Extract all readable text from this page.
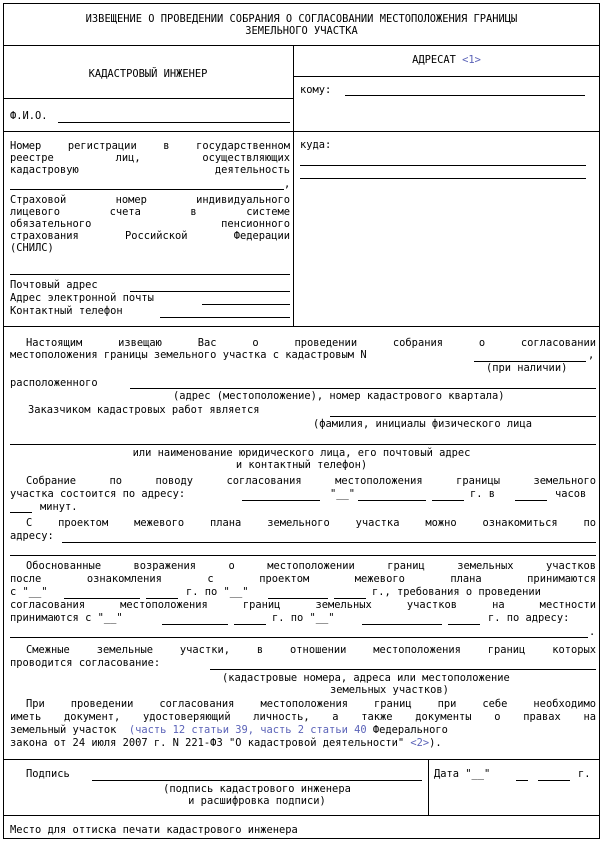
ИЗВЕЩЕНИЕ О ПРОВЕДЕНИИ СОБРАНИЯ О СОГЛАСОВАНИИ МЕСТОПОЛОЖЕНИЯ ГРАНИЦЫ
ЗЕМЕЛЬНОГО УЧАСТКА
КАДАСТРОВЫЙ ИНЖЕНЕР
Ф.И.О.
Номер регистрации в государственном
реестре лиц, осуществляющих
кадастровую деятельность
,
Страховой номер индивидуального
лицевого счета в системе
обязательного пенсионного
страхования Российской Федерации
(СНИЛС)
Почтовый адрес
Адрес электронной почты
Контактный телефон
АДРЕСАТ <1>
кому:
куда:
Настоящим извещаю Вас о проведении собрания о согласовании
местоположения границы земельного участка с кадастровым N	,
(при наличии)
расположенного
(адрес (местоположение), номер кадастрового квартала)
Заказчиком кадастровых работ является
(фамилия, инициалы физического лица
или наименование юридического лица, его почтовый адрес
и контактный телефон)
Собрание по поводу согласования местоположения границы земельного
участка состоится по адресу:	"__"	г. в	часов
минут.
С проектом межевого плана земельного участка можно ознакомиться по
адресу:
Обоснованные возражения о местоположении границ земельных участков
после ознакомления с проектом межевого плана принимаются
с "__"	г. по "__"	г., требования о проведении
согласования местоположения границ земельных участков на местности
принимаются с "__"	г. по "__"	г. по адресу:
.
Смежные земельные участки, в отношении местоположения границ которых
проводится согласование:
(кадастровые номера, адреса или местоположение
земельных участков)
При проведении согласования местоположения границ при себе необходимо
иметь документ, удостоверяющий личность, а также документы о правах на
земельный участок (часть 12 статьи 39, часть 2 статьи 40 Федерального
закона от 24 июля 2007 г. N 221-ФЗ "О кадастровой деятельности" <2>).
Подпись
(подпись кадастрового инженера
и расшифровка подписи)
Дата "__"	г.
Место для оттиска печати кадастрового инженера
